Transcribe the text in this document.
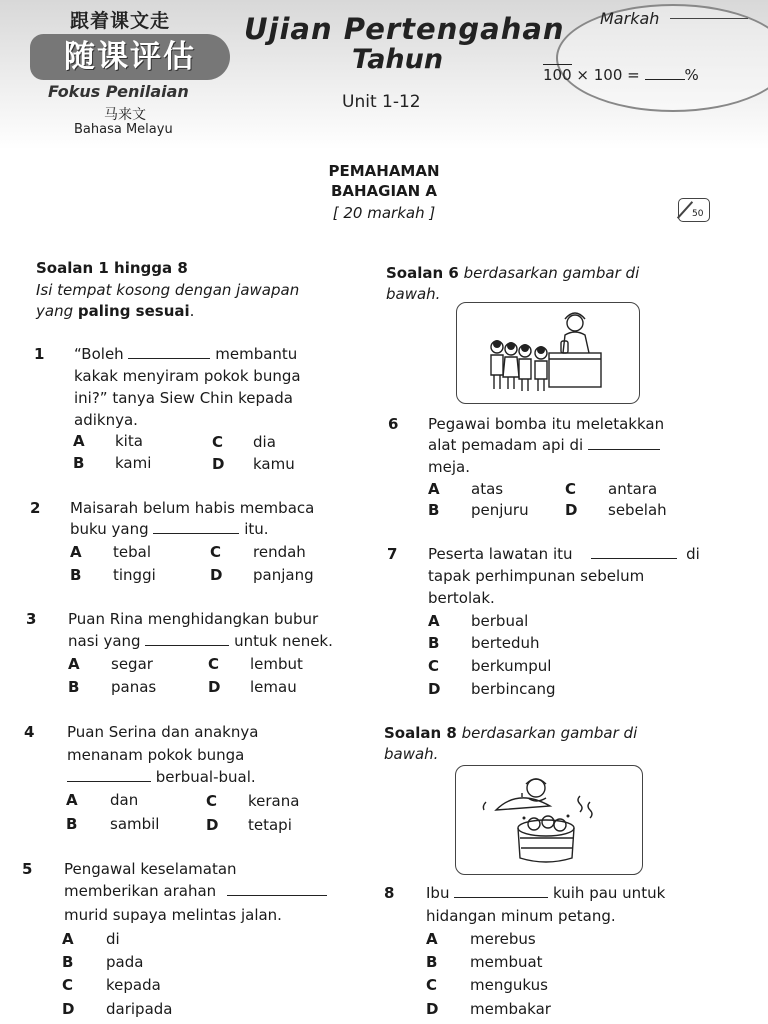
跟着课文走
随课评估
Fokus Penilaian
马来文
Bahasa Melayu
Ujian Pertengahan
Tahun
Unit 1-12
Markah
100 × 100 =	%
PEMAHAMAN
BAHAGIAN A
[ 20 markah ]	50
Soalan 1 hingga 8
Isi tempat kosong dengan jawapan
yang paling sesuai.
1 “Boleh	membantu
kakak menyiram pokok bunga
ini?” tanya Siew Chin kepada
adiknya.
A kita	C dia
B kami	D kamu
2 Maisarah belum habis membaca
buku yang	itu.
A tebal	C rendah
B tinggi	D panjang
3 Puan Rina menghidangkan bubur
nasi yang	untuk nenek.
A segar	C lembut
B panas	D lemau
4 Puan Serina dan anaknya
menanam pokok bunga
berbual-bual.
A dan	C kerana
B sambil	D tetapi
5 Pengawal keselamatan
memberikan arahan
murid supaya melintas jalan.
A di
B pada
C kepada
D daripada
Soalan 6 berdasarkan gambar di
bawah.
6 Pegawai bomba itu meletakkan
alat pemadam api di
meja.
A atas	C antara
B penjuru D sebelah
7 Peserta lawatan itu	di
tapak perhimpunan sebelum
bertolak.
A berbual
B berteduh
C berkumpul
D berbincang
Soalan 8 berdasarkan gambar di
bawah.
8 Ibu	kuih pau untuk
hidangan minum petang.
A merebus
B membuat
C mengukus
D membakar
